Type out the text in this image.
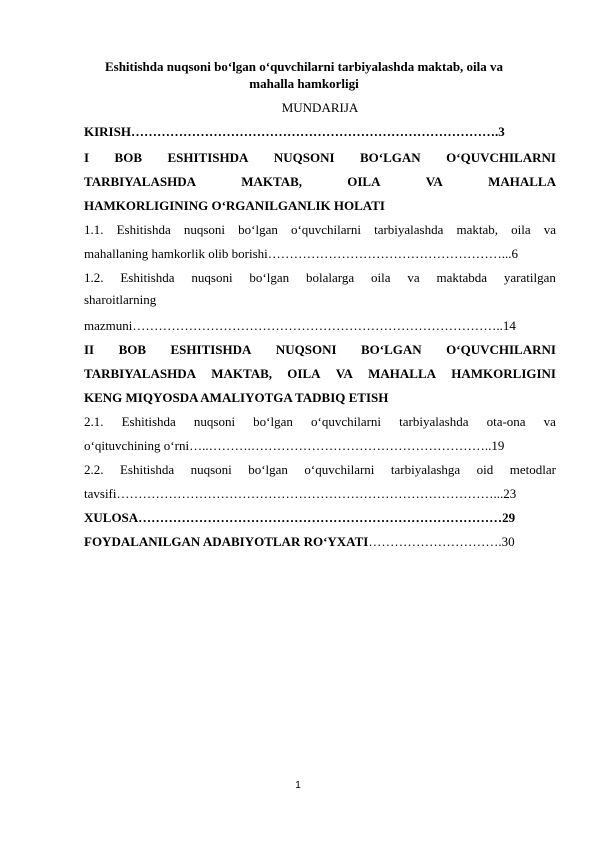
Eshitishda nuqsoni bo‘lgan o‘quvchilarni tarbiyalashda maktab, oila va mahalla hamkorligi
MUNDARIJA
KIRISH………………………………………………………………………….3
I BOB ESHITISHDA NUQSONI BO‘LGAN O‘QUVCHILARNI
TARBIYALASHDA	MAKTAB,	OILA	VA	MAHALLA
HAMKORLIGINING O‘RGANILGANLIK HOLATI
1.1. Eshitishda nuqsoni bo‘lgan o‘quvchilarni tarbiyalashda maktab, oila va
mahallaning hamkorlik olib borishi………………………………………………...6
1.2. Eshitishda nuqsoni bo‘lgan bolalarga oila va maktabda yaratilgan
sharoitlarning
mazmuni…………………………………………………………………………..14
II BOB ESHITISHDA NUQSONI BO‘LGAN O‘QUVCHILARNI
TARBIYALASHDA MAKTAB, OILA VA MAHALLA HAMKORLIGINI
KENG MIQYOSDA AMALIYOTGA TADBIQ ETISH
2.1. Eshitishda nuqsoni bo‘lgan o‘quvchilarni tarbiyalashda ota-ona va
o‘qituvchining o‘rni…..……….………………………………………………..19
2.2. Eshitishda nuqsoni bo‘lgan o‘quvchilarni tarbiyalashga oid metodlar
tavsifi……………………………………………………………………………...23
XULOSA…………………………………………………………………………29
FOYDALANILGAN ADABIYOTLAR RO‘YXATI………………………….30
1
